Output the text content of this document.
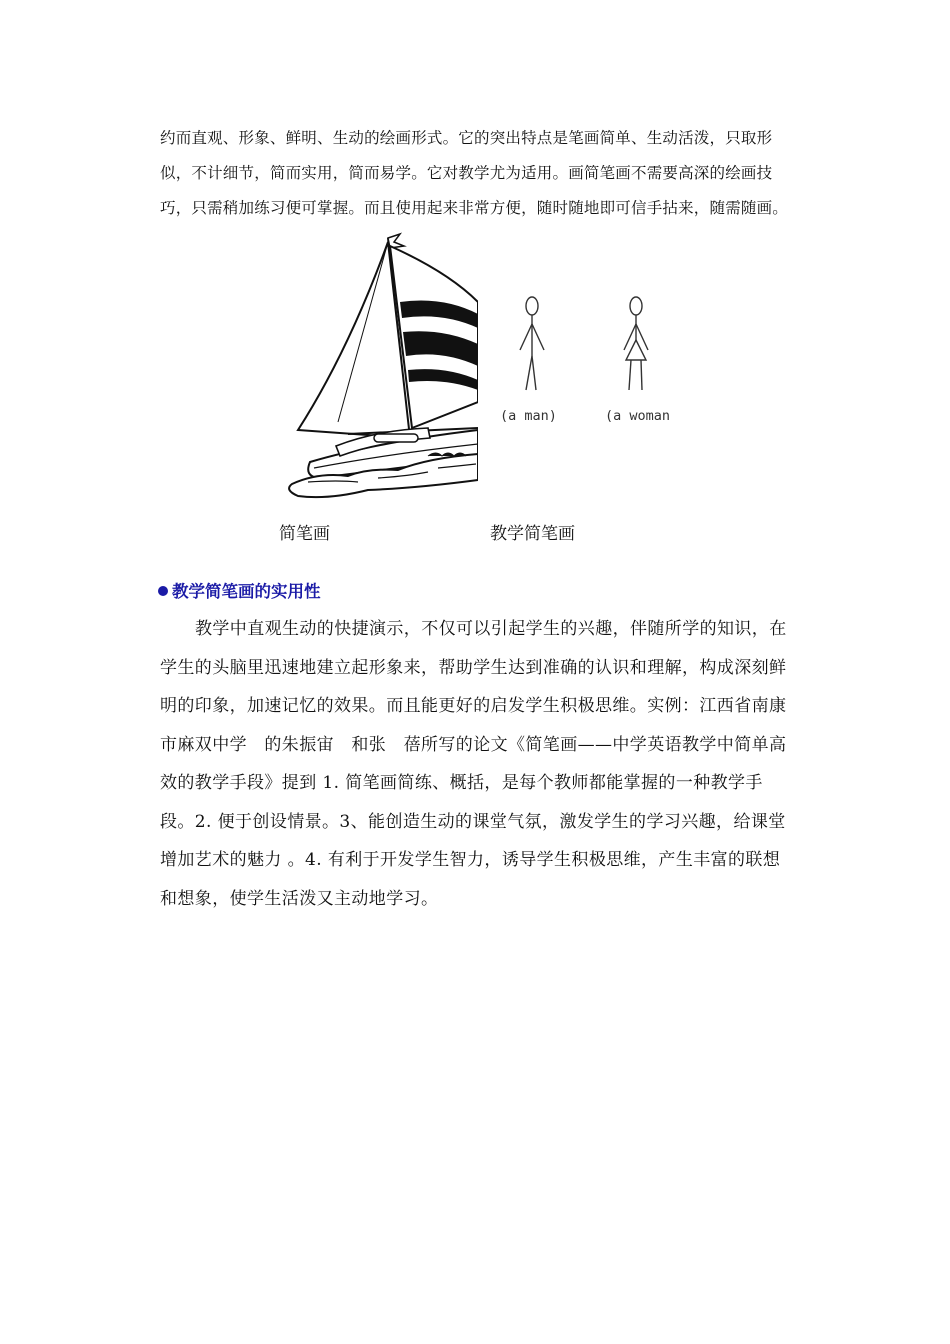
约而直观、形象、鲜明、生动的绘画形式。它的突出特点是笔画简单、生动活泼，只取形似，不计细节，简而实用，简而易学。它对教学尤为适用。画简笔画不需要高深的绘画技巧，只需稍加练习便可掌握。而且使用起来非常方便，随时随地即可信手拈来，随需随画。

(a man)	(a woman
简笔画	教学简笔画
教学简笔画的实用性

教学中直观生动的快捷演示，不仅可以引起学生的兴趣，伴随所学的知识，在学生的头脑里迅速地建立起形象来，帮助学生达到准确的认识和理解，构成深刻鲜明的印象，加速记忆的效果。而且能更好的启发学生积极思维。实例：江西省南康市麻双中学　的朱振宙　和张　蓓所写的论文《简笔画——中学英语教学中简单高效的教学手段》提到 1. 简笔画简练、概括，是每个教师都能掌握的一种教学手段。2. 便于创设情景。3、能创造生动的课堂气氛，激发学生的学习兴趣，给课堂增加艺术的魅力 。4. 有利于开发学生智力，诱导学生积极思维，产生丰富的联想和想象，使学生活泼又主动地学习。
